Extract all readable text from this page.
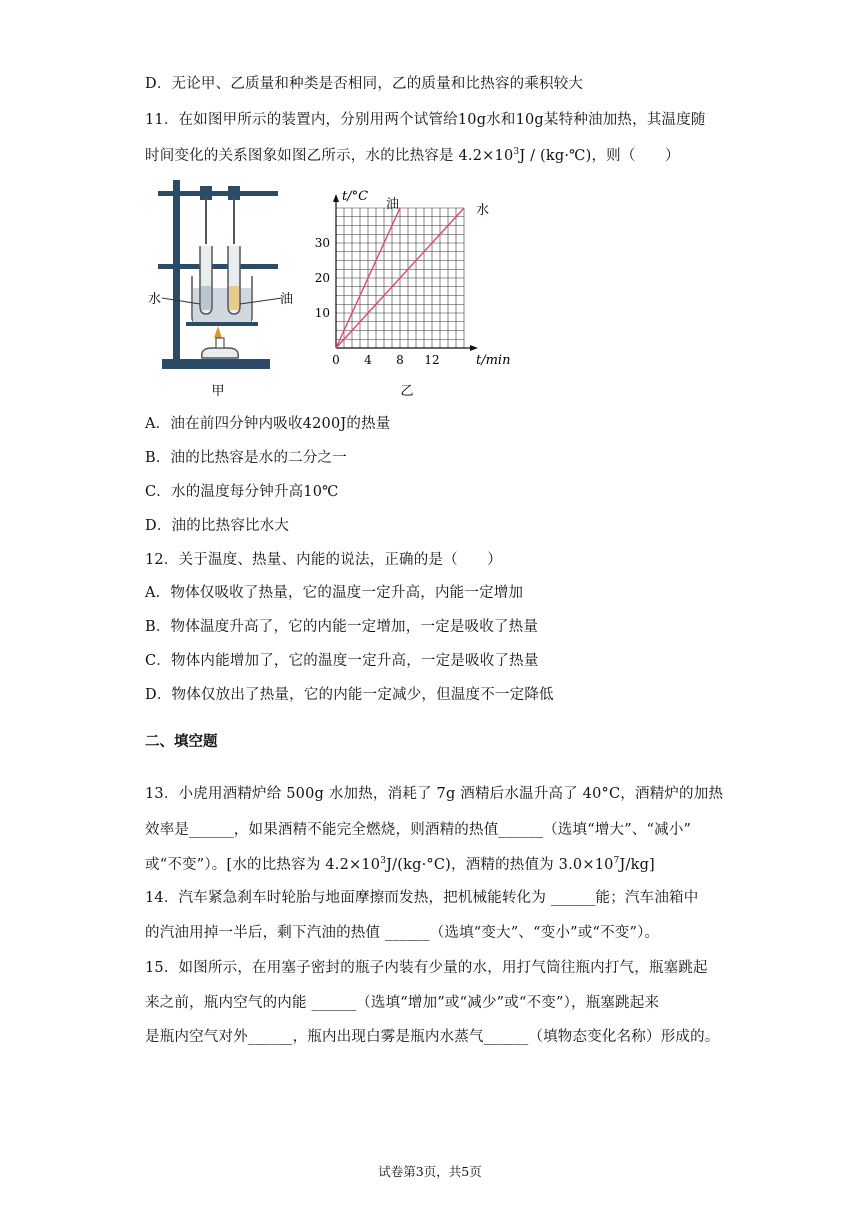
D．无论甲、乙质量和种类是否相同，乙的质量和比热容的乘积较大
11．在如图甲所示的装置内，分别用两个试管给10g水和10g某特种油加热，其温度随
时间变化的关系图象如图乙所示，水的比热容是 $4.2\times 10^3J$ / (kg·℃)，则（　　）
水	油
甲
0 4 8 12
10
20
30
t/°C
t/min
油	水
乙
A．油在前四分钟内吸收4200J的热量
B．油的比热容是水的二分之一
C．水的温度每分钟升高10℃
D．油的比热容比水大
12．关于温度、热量、内能的说法，正确的是（　　）
A．物体仅吸收了热量，它的温度一定升高，内能一定增加
B．物体温度升高了，它的内能一定增加，一定是吸收了热量
C．物体内能增加了，它的温度一定升高，一定是吸收了热量
D．物体仅放出了热量，它的内能一定减少，但温度不一定降低
二、填空题
13．小虎用酒精炉给 500g 水加热，消耗了 7g 酒精后水温升高了 40°C，酒精炉的加热
效率是______，如果酒精不能完全燃烧，则酒精的热值______（选填“增大”、“减小”
或“不变”）。[水的比热容为 $4.2\times 10^3J/(kg\cdot^\circ C)$，酒精的热值为 $3.0\times 10^7J/kg$]
14．汽车紧急刹车时轮胎与地面摩擦而发热，把机械能转化为 ______能；汽车油箱中
的汽油用掉一半后，剩下汽油的热值 ______（选填“变大”、“变小”或“不变”）。
15．如图所示，在用塞子密封的瓶子内装有少量的水，用打气筒往瓶内打气，瓶塞跳起
来之前，瓶内空气的内能 ______（选填“增加”或“减少”或“不变”），瓶塞跳起来
是瓶内空气对外______，瓶内出现白雾是瓶内水蒸气______（填物态变化名称）形成的。
试卷第3页，共5页
